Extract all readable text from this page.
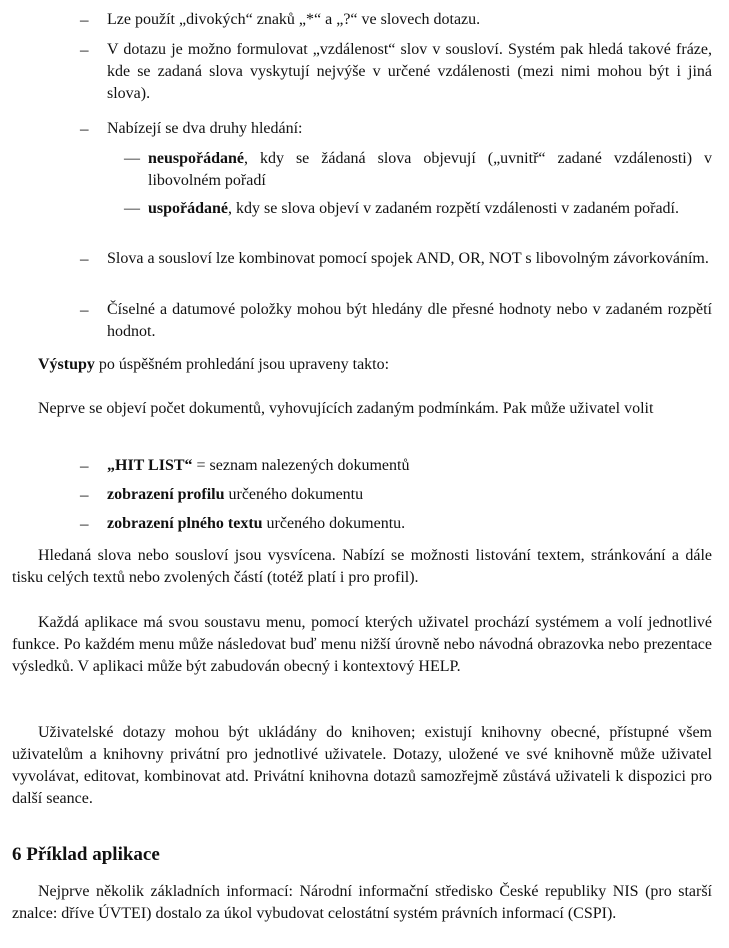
– Lze použít „divokých“ znaků „*“ a „?“ ve slovech dotazu.
– V dotazu je možno formulovat „vzdálenost“ slov v sousloví. Systém pak hledá takové fráze, kde se zadaná slova vyskytují nejvýše v určené vzdálenosti (mezi nimi mohou být i jiná slova).
– Nabízejí se dva druhy hledání:
— neuspořádané, kdy se žádaná slova objevují („uvnitř“ zadané vzdálenosti) v libovolném pořadí
— uspořádané, kdy se slova objeví v zadaném rozpětí vzdálenosti v zadaném pořadí.
– Slova a sousloví lze kombinovat pomocí spojek AND, OR, NOT s libovolným závorkováním.
– Číselné a datumové položky mohou být hledány dle přesné hodnoty nebo v zadaném rozpětí hodnot.
Výstupy po úspěšném prohledání jsou upraveny takto:
Neprve se objeví počet dokumentů, vyhovujících zadaným podmínkám. Pak může uživatel volit
– „HIT LIST“ = seznam nalezených dokumentů
– zobrazení profilu určeného dokumentu
– zobrazení plného textu určeného dokumentu.
Hledaná slova nebo sousloví jsou vysvícena. Nabízí se možnosti listování textem, stránkování a dále tisku celých textů nebo zvolených částí (totéž platí i pro profil).
Každá aplikace má svou soustavu menu, pomocí kterých uživatel prochází systémem a volí jednotlivé funkce. Po každém menu může následovat buď menu nižší úrovně nebo návodná obrazovka nebo prezentace výsledků. V aplikaci může být zabudován obecný i kontextový HELP.
Uživatelské dotazy mohou být ukládány do knihoven; existují knihovny obecné, přístupné všem uživatelům a knihovny privátní pro jednotlivé uživatele. Dotazy, uložené ve své knihovně může uživatel vyvolávat, editovat, kombinovat atd. Privátní knihovna dotazů samozřejmě zůstává uživateli k dispozici pro další seance.
6 Příklad aplikace
Nejprve několik základních informací: Národní informační středisko České republiky NIS (pro starší znalce: dříve ÚVTEI) dostalo za úkol vybudovat celostátní systém právních informací (CSPI).
